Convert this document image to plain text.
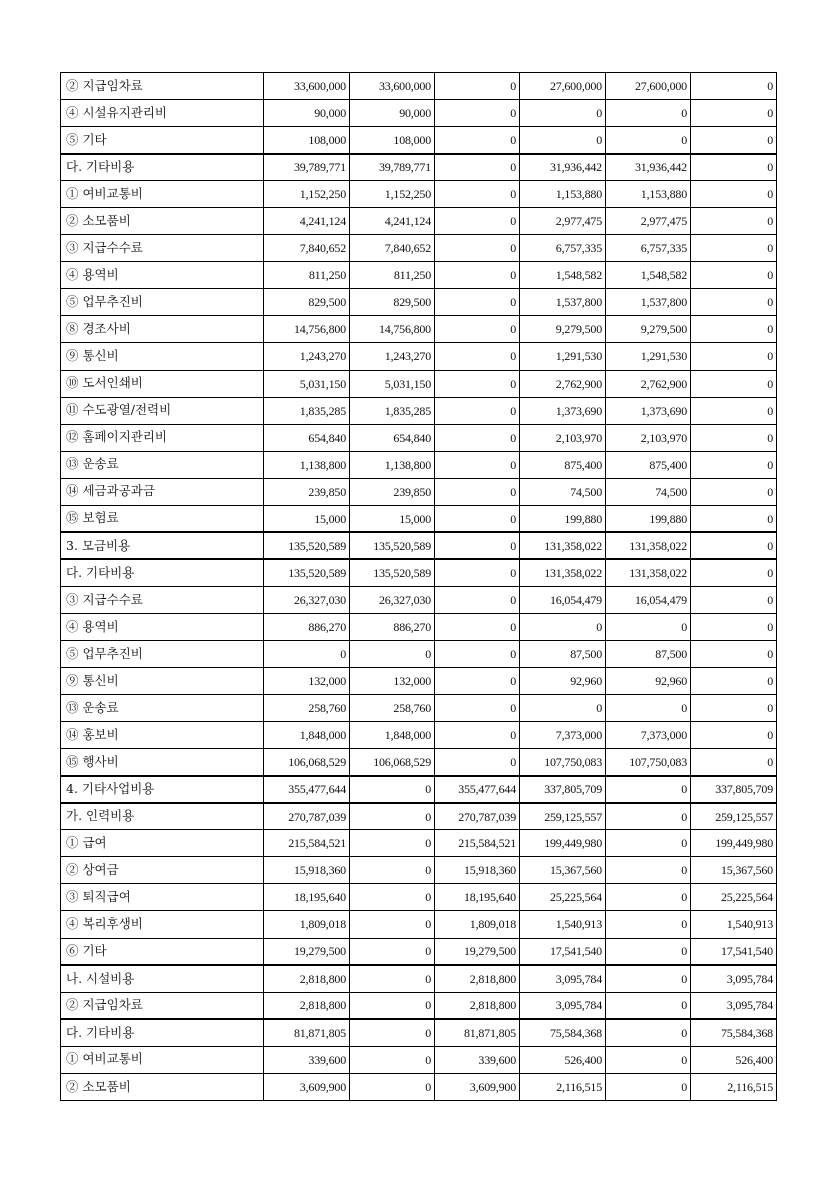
② 지급임차료	33,600,000	33,600,000	0	27,600,000	27,600,000	0
④ 시설유지관리비	90,000	90,000	0	0	0	0
⑤ 기타	108,000	108,000	0	0	0	0
다. 기타비용	39,789,771	39,789,771	0	31,936,442	31,936,442	0
① 여비교통비	1,152,250	1,152,250	0	1,153,880	1,153,880	0
② 소모품비	4,241,124	4,241,124	0	2,977,475	2,977,475	0
③ 지급수수료	7,840,652	7,840,652	0	6,757,335	6,757,335	0
④ 용역비	811,250	811,250	0	1,548,582	1,548,582	0
⑤ 업무추진비	829,500	829,500	0	1,537,800	1,537,800	0
⑧ 경조사비	14,756,800	14,756,800	0	9,279,500	9,279,500	0
⑨ 통신비	1,243,270	1,243,270	0	1,291,530	1,291,530	0
⑩ 도서인쇄비	5,031,150	5,031,150	0	2,762,900	2,762,900	0
⑪ 수도광열/전력비	1,835,285	1,835,285	0	1,373,690	1,373,690	0
⑫ 홈페이지관리비	654,840	654,840	0	2,103,970	2,103,970	0
⑬ 운송료	1,138,800	1,138,800	0	875,400	875,400	0
⑭ 세금과공과금	239,850	239,850	0	74,500	74,500	0
⑮ 보험료	15,000	15,000	0	199,880	199,880	0
3. 모금비용	135,520,589	135,520,589	0	131,358,022	131,358,022	0
다. 기타비용	135,520,589	135,520,589	0	131,358,022	131,358,022	0
③ 지급수수료	26,327,030	26,327,030	0	16,054,479	16,054,479	0
④ 용역비	886,270	886,270	0	0	0	0
⑤ 업무추진비	0	0	0	87,500	87,500	0
⑨ 통신비	132,000	132,000	0	92,960	92,960	0
⑬ 운송료	258,760	258,760	0	0	0	0
⑭ 홍보비	1,848,000	1,848,000	0	7,373,000	7,373,000	0
⑮ 행사비	106,068,529	106,068,529	0	107,750,083	107,750,083	0
4. 기타사업비용	355,477,644	0	355,477,644	337,805,709	0	337,805,709
가. 인력비용	270,787,039	0	270,787,039	259,125,557	0	259,125,557
① 급여	215,584,521	0	215,584,521	199,449,980	0	199,449,980
② 상여금	15,918,360	0	15,918,360	15,367,560	0	15,367,560
③ 퇴직급여	18,195,640	0	18,195,640	25,225,564	0	25,225,564
④ 복리후생비	1,809,018	0	1,809,018	1,540,913	0	1,540,913
⑥ 기타	19,279,500	0	19,279,500	17,541,540	0	17,541,540
나. 시설비용	2,818,800	0	2,818,800	3,095,784	0	3,095,784
② 지급임차료	2,818,800	0	2,818,800	3,095,784	0	3,095,784
다. 기타비용	81,871,805	0	81,871,805	75,584,368	0	75,584,368
① 여비교통비	339,600	0	339,600	526,400	0	526,400
② 소모품비	3,609,900	0	3,609,900	2,116,515	0	2,116,515
